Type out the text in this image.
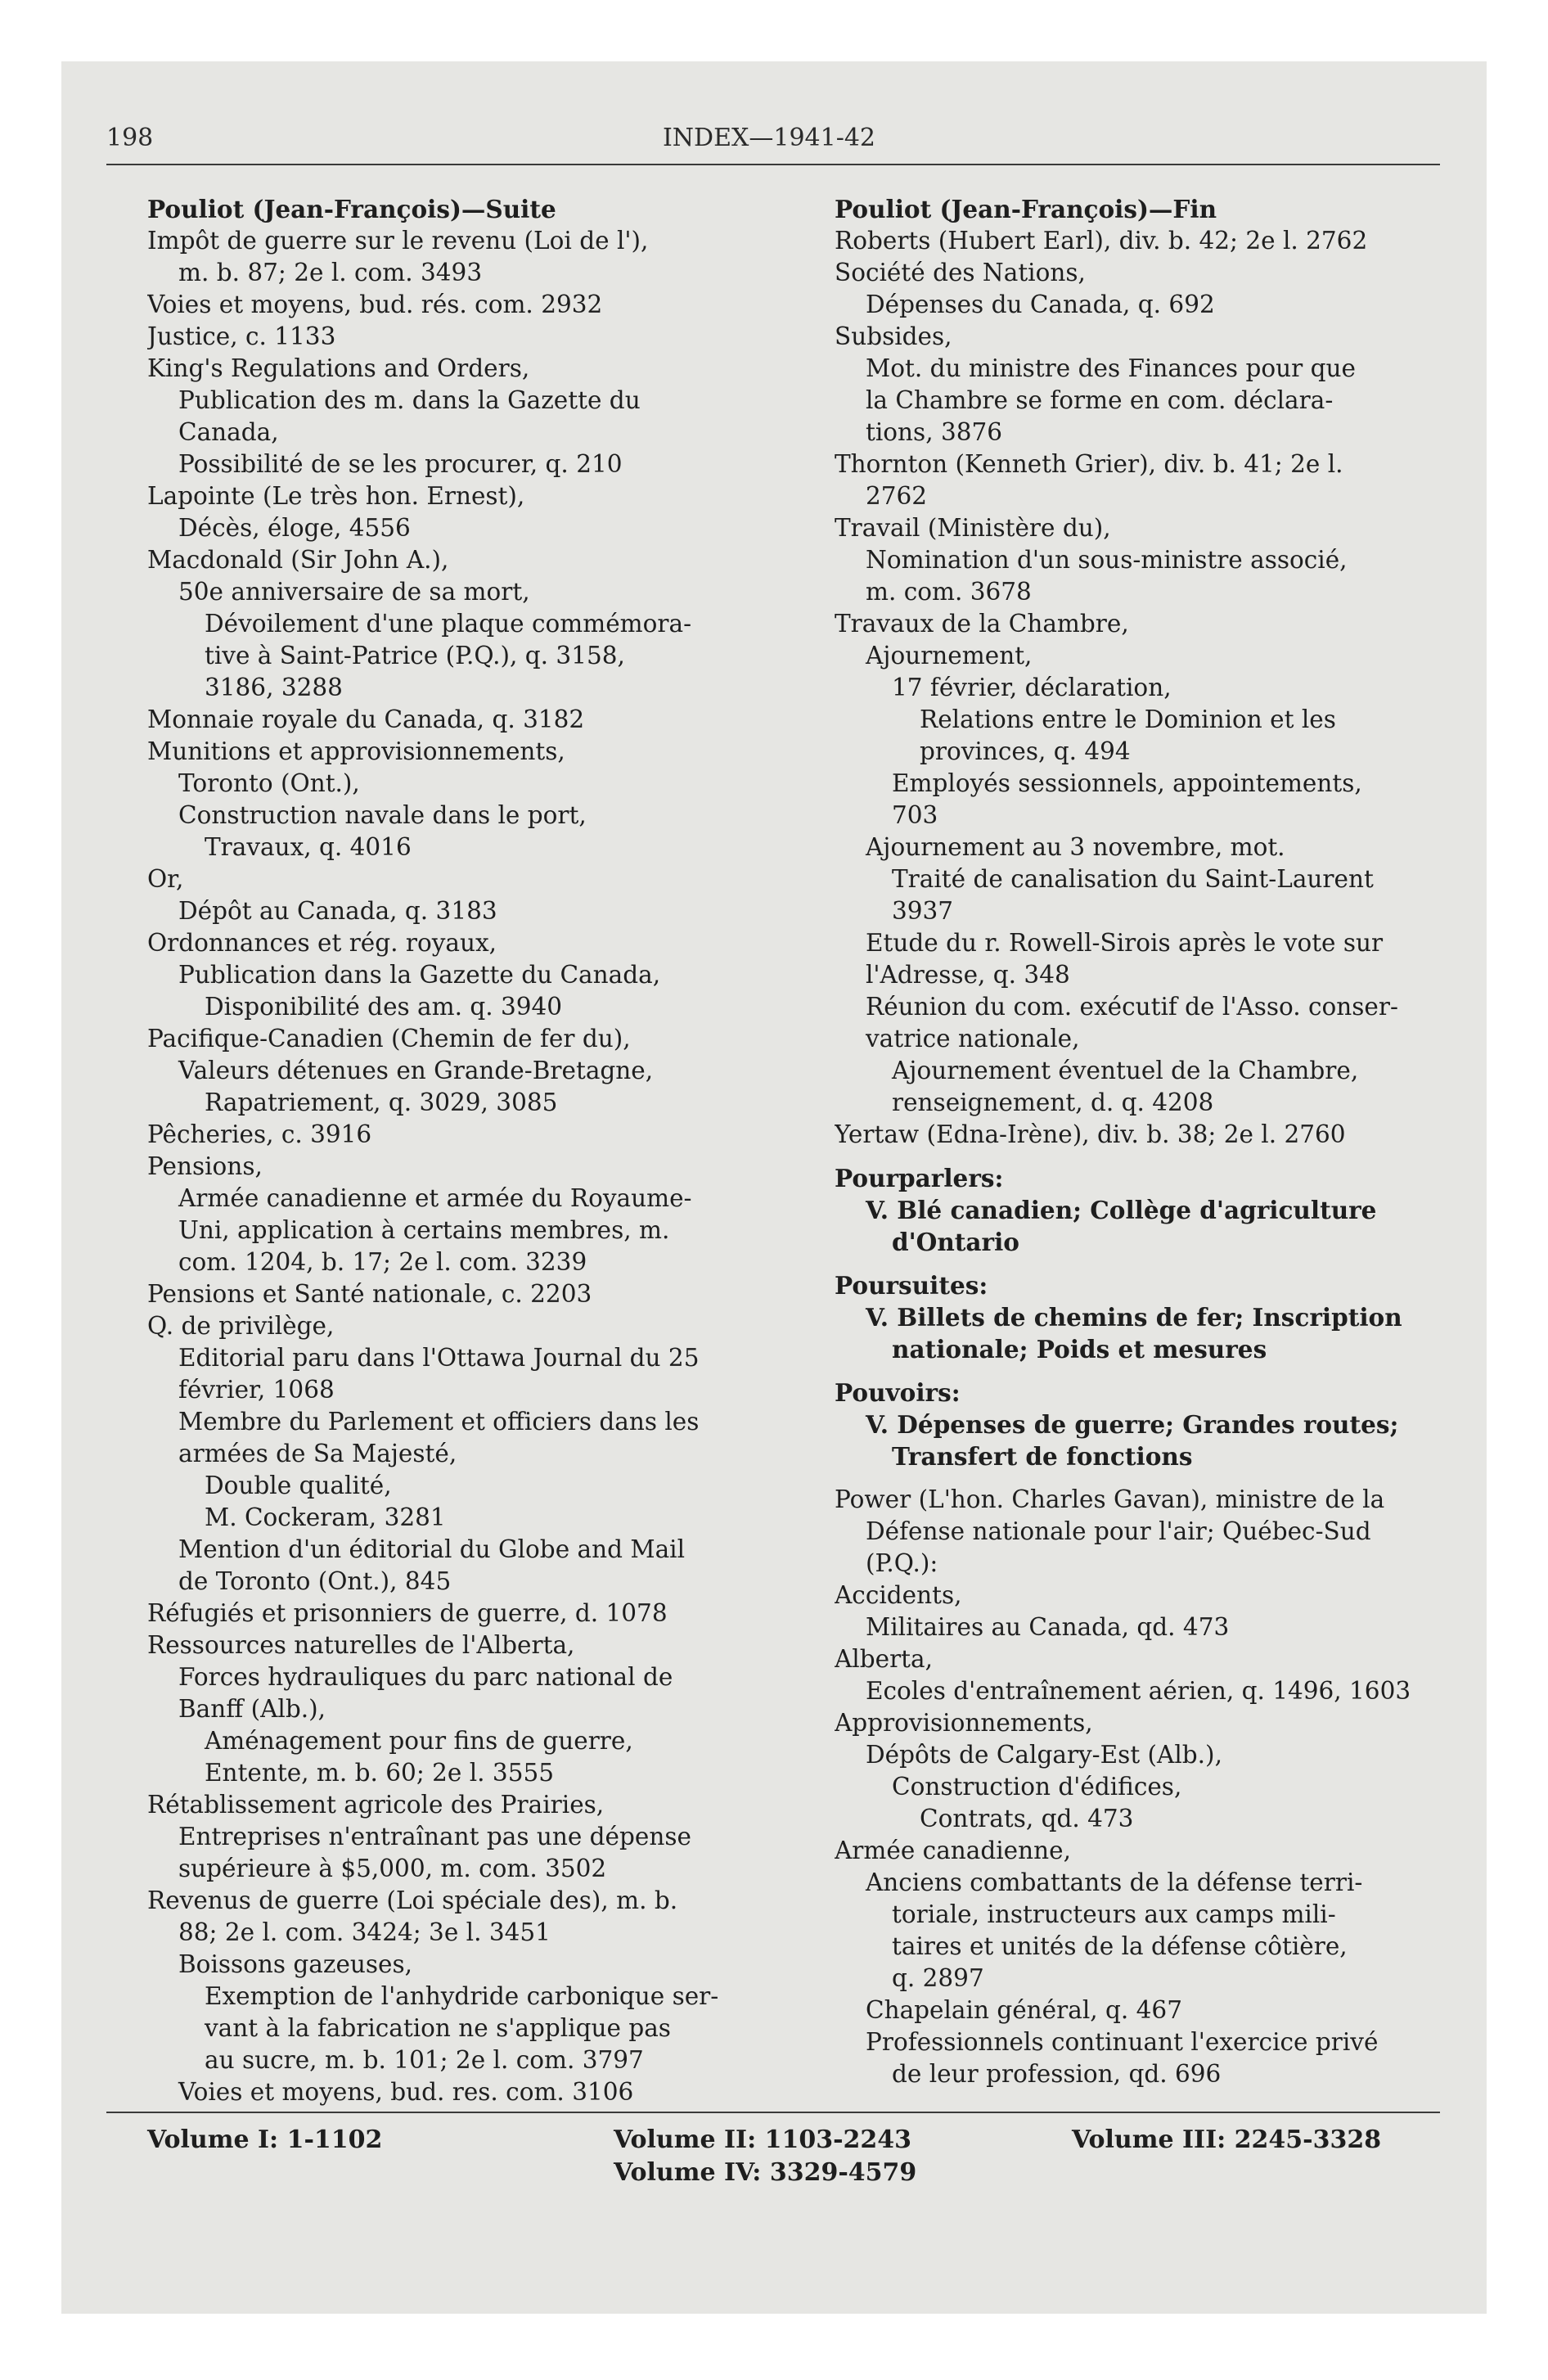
198	INDEX—1941-42
Pouliot (Jean-François)—Suite
Impôt de guerre sur le revenu (Loi de l'),
m. b. 87; 2e l. com. 3493
Voies et moyens, bud. rés. com. 2932
Justice, c. 1133
King's Regulations and Orders,
Publication des m. dans la Gazette du
Canada,
Possibilité de se les procurer, q. 210
Lapointe (Le très hon. Ernest),
Décès, éloge, 4556
Macdonald (Sir John A.),
50e anniversaire de sa mort,
Dévoilement d'une plaque commémora-
tive à Saint-Patrice (P.Q.), q. 3158,
3186, 3288
Monnaie royale du Canada, q. 3182
Munitions et approvisionnements,
Toronto (Ont.),
Construction navale dans le port,
Travaux, q. 4016
Or,
Dépôt au Canada, q. 3183
Ordonnances et rég. royaux,
Publication dans la Gazette du Canada,
Disponibilité des am. q. 3940
Pacifique-Canadien (Chemin de fer du),
Valeurs détenues en Grande-Bretagne,
Rapatriement, q. 3029, 3085
Pêcheries, c. 3916
Pensions,
Armée canadienne et armée du Royaume-
Uni, application à certains membres, m.
com. 1204, b. 17; 2e l. com. 3239
Pensions et Santé nationale, c. 2203
Q. de privilège,
Editorial paru dans l'Ottawa Journal du 25
février, 1068
Membre du Parlement et officiers dans les
armées de Sa Majesté,
Double qualité,
M. Cockeram, 3281
Mention d'un éditorial du Globe and Mail
de Toronto (Ont.), 845
Réfugiés et prisonniers de guerre, d. 1078
Ressources naturelles de l'Alberta,
Forces hydrauliques du parc national de
Banff (Alb.),
Aménagement pour fins de guerre,
Entente, m. b. 60; 2e l. 3555
Rétablissement agricole des Prairies,
Entreprises n'entraînant pas une dépense
supérieure à $5,000, m. com. 3502
Revenus de guerre (Loi spéciale des), m. b.
88; 2e l. com. 3424; 3e l. 3451
Boissons gazeuses,
Exemption de l'anhydride carbonique ser-
vant à la fabrication ne s'applique pas
au sucre, m. b. 101; 2e l. com. 3797
Voies et moyens, bud. res. com. 3106
Pouliot (Jean-François)—Fin
Roberts (Hubert Earl), div. b. 42; 2e l. 2762
Société des Nations,
Dépenses du Canada, q. 692
Subsides,
Mot. du ministre des Finances pour que
la Chambre se forme en com. déclara-
tions, 3876
Thornton (Kenneth Grier), div. b. 41; 2e l.
2762
Travail (Ministère du),
Nomination d'un sous-ministre associé,
m. com. 3678
Travaux de la Chambre,
Ajournement,
17 février, déclaration,
Relations entre le Dominion et les
provinces, q. 494
Employés sessionnels, appointements,
703
Ajournement au 3 novembre, mot.
Traité de canalisation du Saint-Laurent
3937
Etude du r. Rowell-Sirois après le vote sur
l'Adresse, q. 348
Réunion du com. exécutif de l'Asso. conser-
vatrice nationale,
Ajournement éventuel de la Chambre,
renseignement, d. q. 4208
Yertaw (Edna-Irène), div. b. 38; 2e l. 2760
Pourparlers:
V. Blé canadien; Collège d'agriculture
d'Ontario
Poursuites:
V. Billets de chemins de fer; Inscription
nationale; Poids et mesures
Pouvoirs:
V. Dépenses de guerre; Grandes routes;
Transfert de fonctions
Power (L'hon. Charles Gavan), ministre de la
Défense nationale pour l'air; Québec-Sud
(P.Q.):
Accidents,
Militaires au Canada, qd. 473
Alberta,
Ecoles d'entraînement aérien, q. 1496, 1603
Approvisionnements,
Dépôts de Calgary-Est (Alb.),
Construction d'édifices,
Contrats, qd. 473
Armée canadienne,
Anciens combattants de la défense terri-
toriale, instructeurs aux camps mili-
taires et unités de la défense côtière,
q. 2897
Chapelain général, q. 467
Professionnels continuant l'exercice privé
de leur profession, qd. 696
Volume I: 1-1102	Volume II: 1103-2243
Volume IV: 3329-4579
Volume III: 2245-3328
